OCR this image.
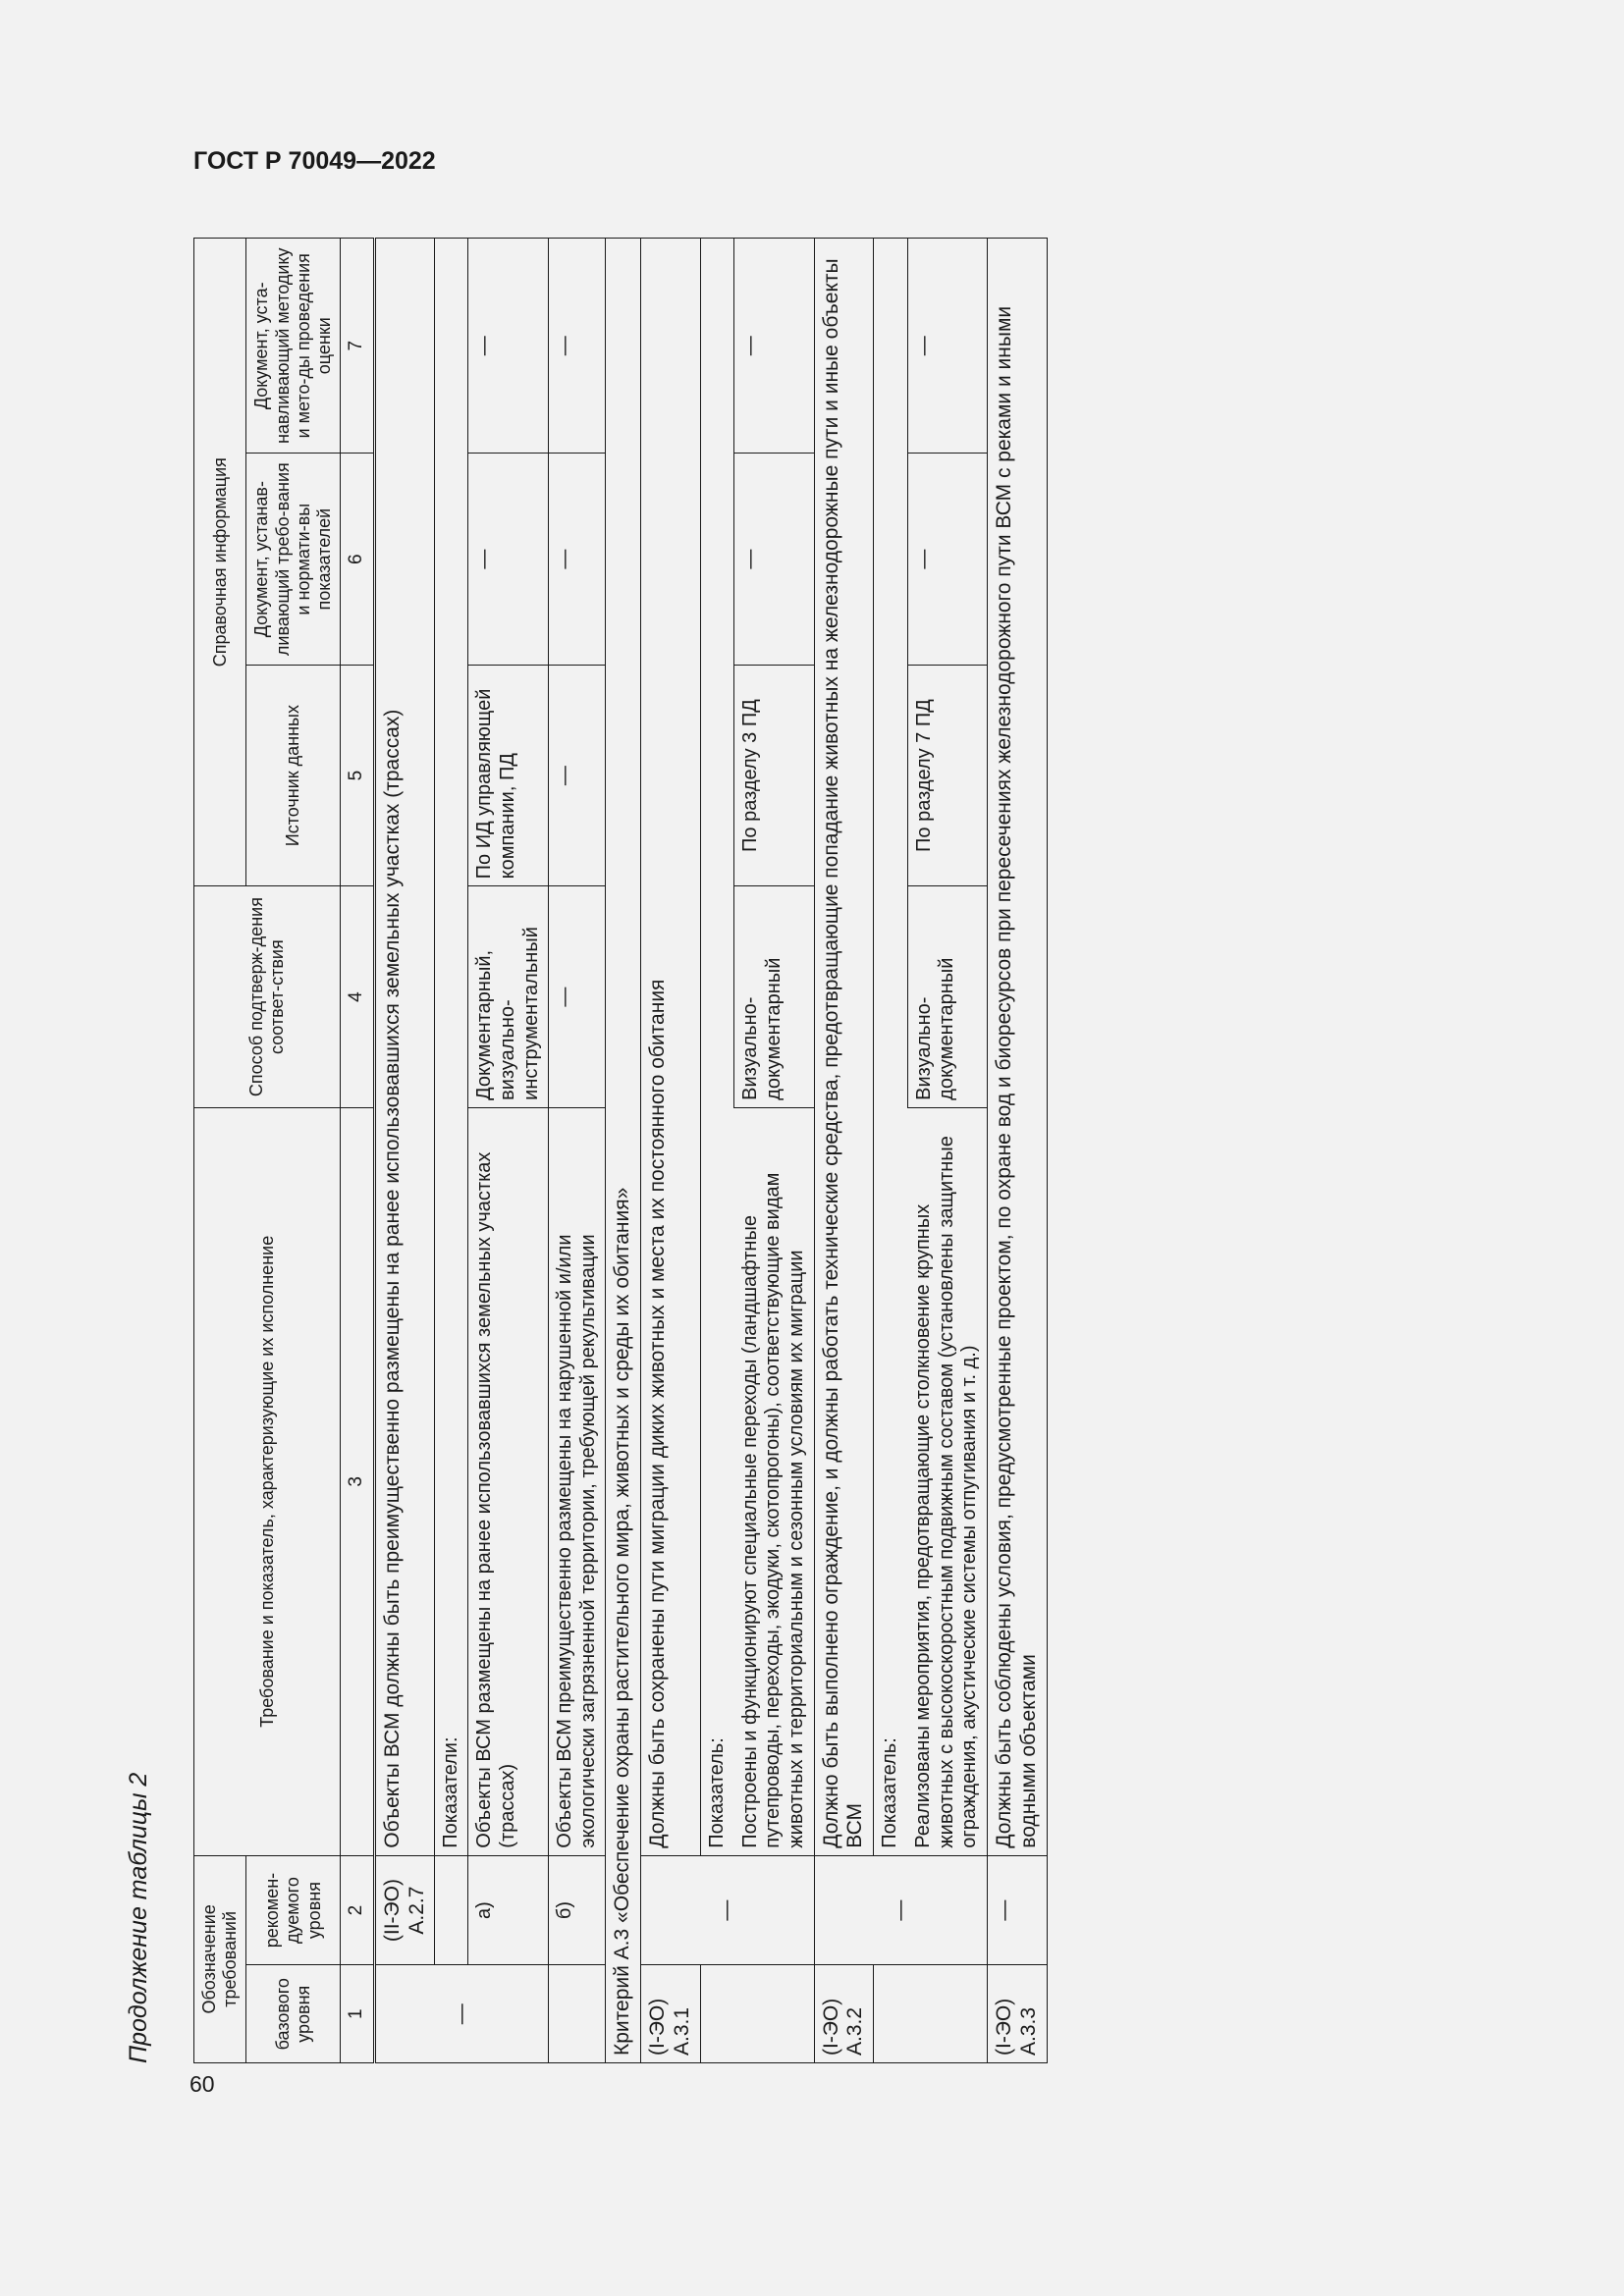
ГОСТ Р 70049—2022
60
Продолжение таблицы 2	Обозначение требований		Требование и показатель, характеризующие их исполнение	Способ подтверж-дения соответ-ствия	Справочная информация		
базового уровня	рекомен-дуемого уровня			Источник данных	Документ, устанав-ливающий требо-вания и нормати-вы показателей	Документ, уста-навливающий методику и мето-ды проведения оценки
1	2	3	4	5	6	7
—	(II-ЭО) А.2.7	Объекты ВСМ должны быть преимущественно размещены на ранее использовавшихся земельных участках (трассах)				
		Показатели:				

	а)	Объекты ВСМ размещены на ранее использовавшихся земельных участках (трассах)	Документарный, визуально-инструментальный	По ИД управляющей компании, ПД	—	—
	б)	Объекты ВСМ преимущественно размещены на нарушенной и/или экологически загрязненной территории, требующей рекультивации	—	—	—	—
Критерий А.3 «Обеспечение охраны растительного мира, животных и среды их обитания»						
(I-ЭО) А.3.1	—	Должны быть сохранены пути миграции диких животных и места их постоянного обитания				
		Показатель:				
		Построены и функционируют специальные переходы (ландшафтные путепроводы, переходы, экодуки, скотопрогоны), соответствующие видам животных и территориальным и сезонным условиям их миграции	Визуально-документарный	По разделу 3 ПД	—	—
(I-ЭО) А.3.2	—	Должно быть выполнено ограждение, и должны работать технические средства, предотвращающие попадание животных на железнодорожные пути и иные объекты ВСМ				
		Показатель:				
		Реализованы мероприятия, предотвращающие столкновение крупных животных с высокоскоростным подвижным составом (установлены защитные ограждения, акустические системы отпугивания и т. д.)	Визуально-документарный	По разделу 7 ПД	—	—
(I-ЭО) А.3.3	—	Должны быть соблюдены условия, предусмотренные проектом, по охране вод и биоресурсов при пересечениях железнодорожного пути ВСМ с реками и иными водными объектами				
